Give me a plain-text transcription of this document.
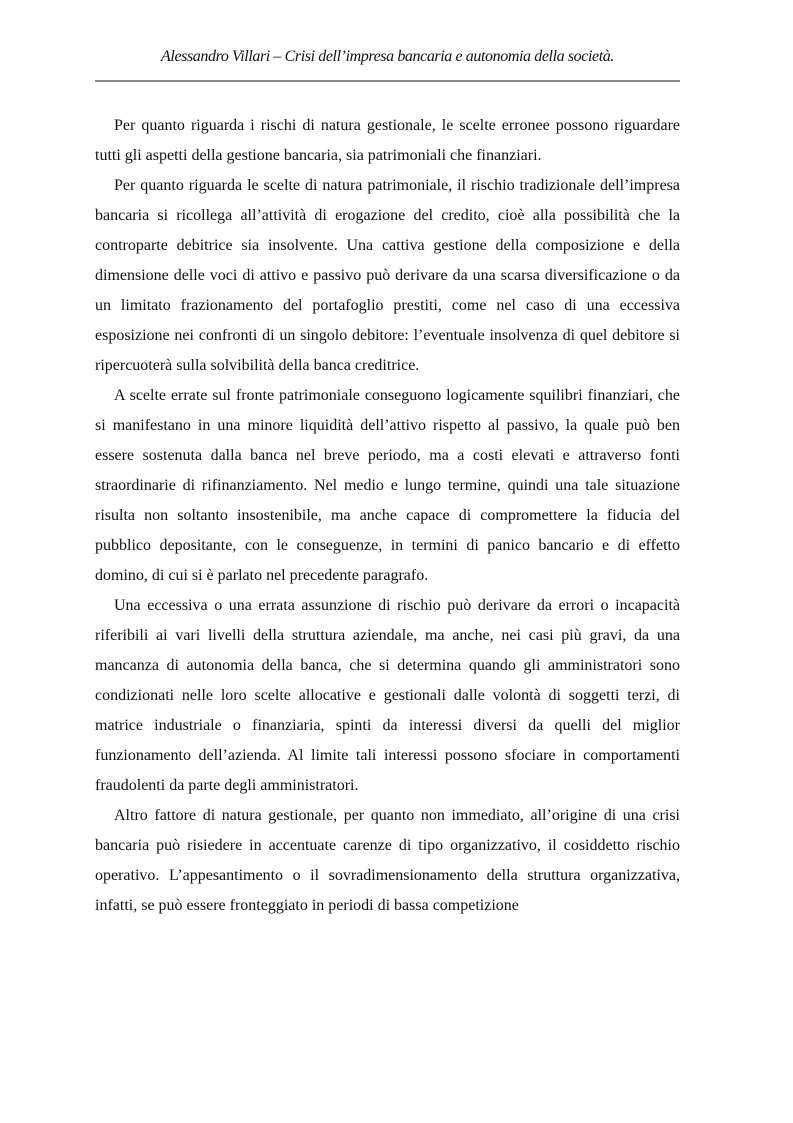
Alessandro Villari – Crisi dell’impresa bancaria e autonomia della società.

Per quanto riguarda i rischi di natura gestionale, le scelte erronee possono riguardare tutti gli aspetti della gestione bancaria, sia patrimoniali che finanziari.

Per quanto riguarda le scelte di natura patrimoniale, il rischio tradizionale dell’impresa bancaria si ricollega all’attività di erogazione del credito, cioè alla possibilità che la controparte debitrice sia insolvente. Una cattiva gestione della composizione e della dimensione delle voci di attivo e passivo può derivare da una scarsa diversificazione o da un limitato frazionamento del portafoglio prestiti, come nel caso di una eccessiva esposizione nei confronti di un singolo debitore: l’eventuale insolvenza di quel debitore si ripercuoterà sulla solvibilità della banca creditrice.

A scelte errate sul fronte patrimoniale conseguono logicamente squilibri finanziari, che si manifestano in una minore liquidità dell’attivo rispetto al passivo, la quale può ben essere sostenuta dalla banca nel breve periodo, ma a costi elevati e attraverso fonti straordinarie di rifinanziamento. Nel medio e lungo termine, quindi una tale situazione risulta non soltanto insostenibile, ma anche capace di compromettere la fiducia del pubblico depositante, con le conseguenze, in termini di panico bancario e di effetto domino, di cui si è parlato nel precedente paragrafo.

Una eccessiva o una errata assunzione di rischio può derivare da errori o incapacità riferibili ai vari livelli della struttura aziendale, ma anche, nei casi più gravi, da una mancanza di autonomia della banca, che si determina quando gli amministratori sono condizionati nelle loro scelte allocative e gestionali dalle volontà di soggetti terzi, di matrice industriale o finanziaria, spinti da interessi diversi da quelli del miglior funzionamento dell’azienda. Al limite tali interessi possono sfociare in comportamenti fraudolenti da parte degli amministratori.

Altro fattore di natura gestionale, per quanto non immediato, all’origine di una crisi bancaria può risiedere in accentuate carenze di tipo organizzativo, il cosiddetto rischio operativo. L’appesantimento o il sovradimensionamento della struttura organizzativa, infatti, se può essere fronteggiato in periodi di bassa competizione
